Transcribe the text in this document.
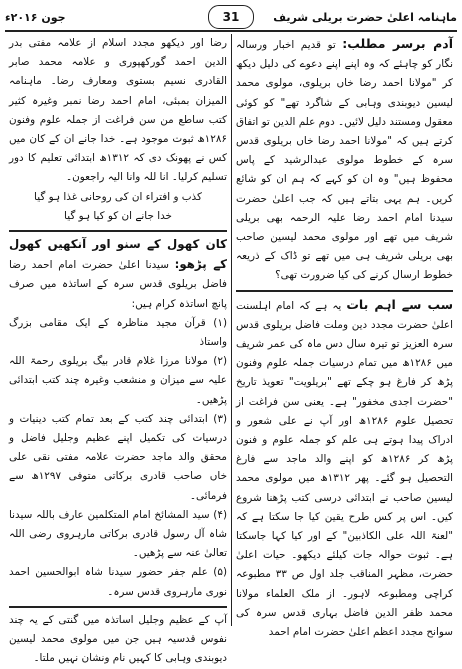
ماہنامہ اعلیٰ حضرت بریلی شریف
جون ۲۰۱۶ء	31

آدم برسر مطلب: تو قدیم اخبار ورسالہ نگار کو چاہئے کہ وہ اپنے اپنے دعوے کی دلیل دیکھ کر "مولانا احمد رضا خاں بریلوی، مولوی محمد لیسین دیوبندی وہابی کے شاگرد تھے" کو کوئی معقول ومستند دلیل لائیں۔ دوم علم الدین تو اتفاق کرتے ہیں کہ "مولانا احمد رضا خاں بریلوی قدس سرہ کے خطوط مولوی عبدالرشید کے پاس محفوظ ہیں" وہ ان کو کہے کہ ہم ان کو شائع کریں۔ ہم یہی بتاتے ہیں کہ جب اعلیٰ حضرت سیدنا امام احمد رضا علیہ الرحمہ بھی بریلی شریف میں تھے اور مولوی محمد لیسین صاحب بھی بریلی شریف ہی میں تھے تو ڈاک کے ذریعہ خطوط ارسال کرنے کی کیا ضرورت تھی؟

سب سے اہم بات یہ ہے کہ امام اہلسنت اعلیٰ حضرت مجدد دین وملت فاضل بریلوی قدس سرہ العزیز تو تیرہ سال دس ماہ کی عمر شریف میں ۱۲۸۶ھ میں تمام درسیات جملہ علوم وفنون پڑھ کر فارغ ہو چکے تھے "بریلویت" تعویذ تاریخ "حضرت اجدی مخفور" ہے۔ یعنی سن فراغت از تحصیل علوم ۱۲۸۶ھ اور آپ نے علی شعور و ادراک پیدا ہوتے ہی علم کو جملہ علوم و فنون پڑھ کر ۱۲۸۶ھ کو اپنے والد ماجد سے فارغ التحصیل ہو گئے۔ پھر ۱۳۱۲ھ میں مولوی محمد لیسین صاحب نے ابتدائی درسی کتب پڑھنا شروع کیں۔ اس پر کس طرح یقین کیا جا سکتا ہے کہ "لعنۃ اللہ علی الکاذبین" کے اور کیا کہا جاسکتا ہے۔ ثبوت حوالہ جات کیلئے دیکھو۔ حیات اعلیٰ حضرت، مظہر المناقب جلد اول ص ۳۳ مطبوعہ کراچی ومطبوعہ لاہور۔ از ملک العلماء مولانا محمد ظفر الدین فاضل بہاری قدس سرہ کی سوانح مجدد اعظم اعلیٰ حضرت امام احمد

رضا اور دیکھو مجدد اسلام از علامہ مفتی بدر الدین احمد گورکھپوری و علامہ محمد صابر القادری نسیم بستوی ومعارف رضا۔ ماہنامہ المیزان بمبئی، امام احمد رضا نمبر وغیرہ کثیر کتب ساطع من سن فراغت از جملہ علوم وفنون ۱۲۸۶ھ ثبوت موجود ہے۔ خدا جانے ان کے کان میں کس نے پھونک دی کہ ۱۳۱۲ھ ابتدائی تعلیم کا دور تسلیم کرلیا۔ انا للہ وانا الیہ راجعون۔

کذب و افتراء ان کی روحانی غذا ہو گیا

خدا جانے ان کو کیا ہو گیا

کان کھول کے سنو اور آنکھیں کھول کے پڑھو: سیدنا اعلیٰ حضرت امام احمد رضا فاضل بریلوی قدس سرہ کے اساتذہ میں صرف پانچ اساتذہ کرام ہیں:

(۱) قرآن مجید مناظرہ کے ایک مقامی بزرگ واستاذ

(۲) مولانا مرزا غلام قادر بیگ بریلوی رحمۃ اللہ علیہ سے میزان و منشعب وغیرہ چند کتب ابتدائی پڑھیں۔

(۳) ابتدائی چند کتب کے بعد تمام کتب دینیات و درسیات کی تکمیل اپنے عظیم وجلیل فاضل و محقق والد ماجد حضرت علامہ مفتی نقی علی خاں صاحب قادری برکاتی متوفی ۱۲۹۷ھ سے فرمائی۔

(۴) سید المشائخ امام المتکلمین عارف باللہ سیدنا شاہ آل رسول قادری برکاتی مارہروی رضی اللہ تعالیٰ عنہ سے پڑھیں۔

(۵) علم جفر حضور سیدنا شاہ ابوالحسین احمد نوری مارہروی قدس سرہ۔

آپ کے عظیم وجلیل اساتذہ میں گنتی کے یہ چند نفوس قدسیہ ہیں جن میں مولوی محمد لیسین دیوبندی وہابی کا کہیں نام ونشان نہیں ملتا۔
